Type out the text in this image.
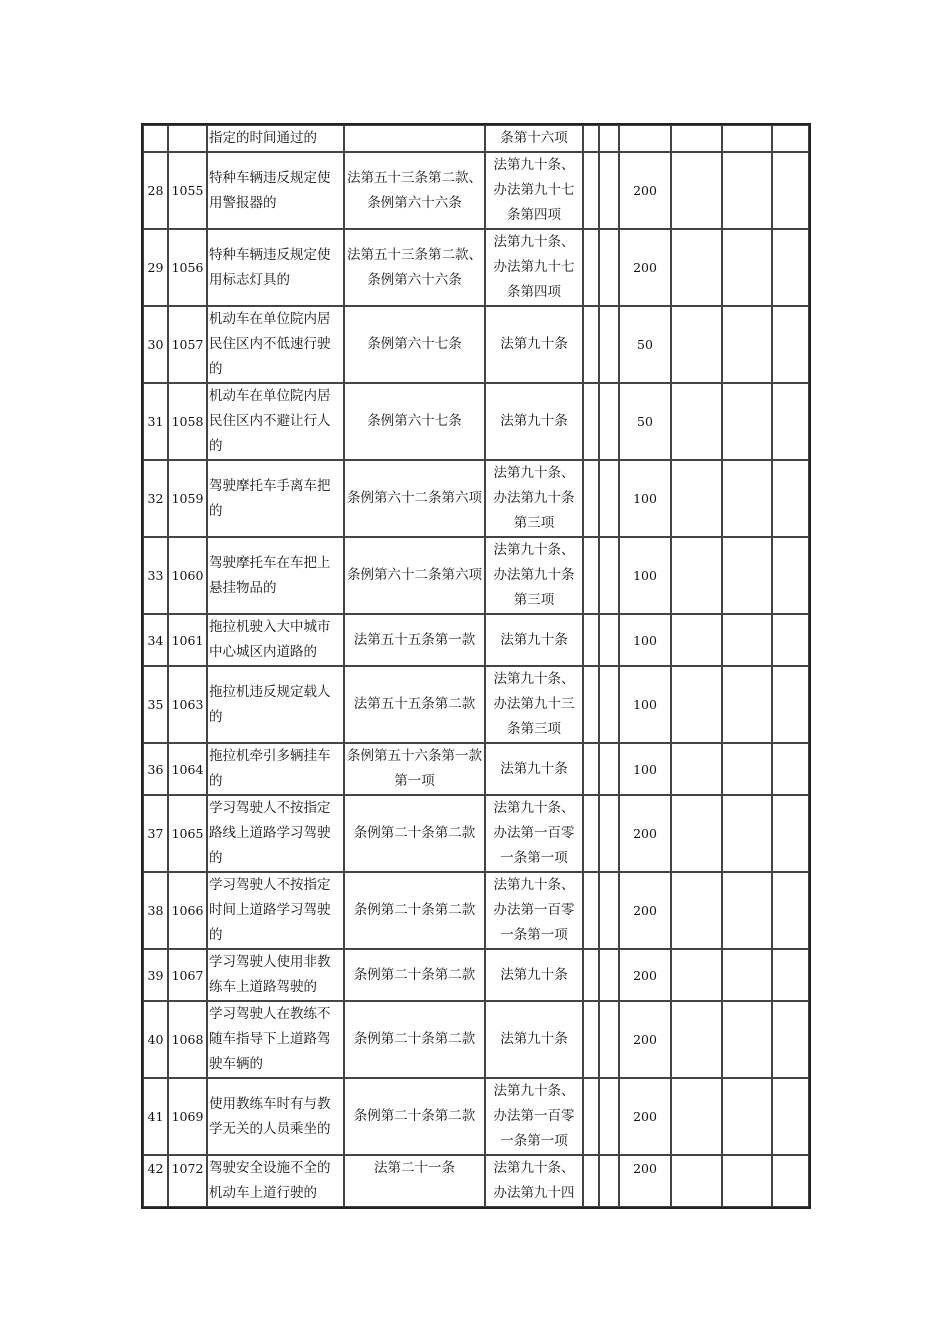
		指定的时间通过的		条第十六项						
28	1055	特种车辆违反规定使用警报器的	法第五十三条第二款、条例第六十六条	法第九十条、办法第九十七条第四项			200			
29	1056	特种车辆违反规定使用标志灯具的	法第五十三条第二款、条例第六十六条	法第九十条、办法第九十七条第四项			200			
30	1057	机动车在单位院内居民住区内不低速行驶的	条例第六十七条	法第九十条			50			
31	1058	机动车在单位院内居民住区内不避让行人的	条例第六十七条	法第九十条			50			
32	1059	驾驶摩托车手离车把的	条例第六十二条第六项	法第九十条、办法第九十条第三项			100			
33	1060	驾驶摩托车在车把上悬挂物品的	条例第六十二条第六项	法第九十条、办法第九十条第三项			100			
34	1061	拖拉机驶入大中城市中心城区内道路的	法第五十五条第一款	法第九十条			100			
35	1063	拖拉机违反规定载人的	法第五十五条第二款	法第九十条、办法第九十三条第三项			100			
36	1064	拖拉机牵引多辆挂车的	条例第五十六条第一款第一项	法第九十条			100			
37	1065	学习驾驶人不按指定路线上道路学习驾驶的	条例第二十条第二款	法第九十条、办法第一百零一条第一项			200			
38	1066	学习驾驶人不按指定时间上道路学习驾驶的	条例第二十条第二款	法第九十条、办法第一百零一条第一项			200			
39	1067	学习驾驶人使用非教练车上道路驾驶的	条例第二十条第二款	法第九十条			200			
40	1068	学习驾驶人在教练不随车指导下上道路驾驶车辆的	条例第二十条第二款	法第九十条			200			
41	1069	使用教练车时有与教学无关的人员乘坐的	条例第二十条第二款	法第九十条、办法第一百零一条第一项			200			
42	1072	驾驶安全设施不全的机动车上道行驶的	法第二十一条	法第九十条、办法第九十四			200			
